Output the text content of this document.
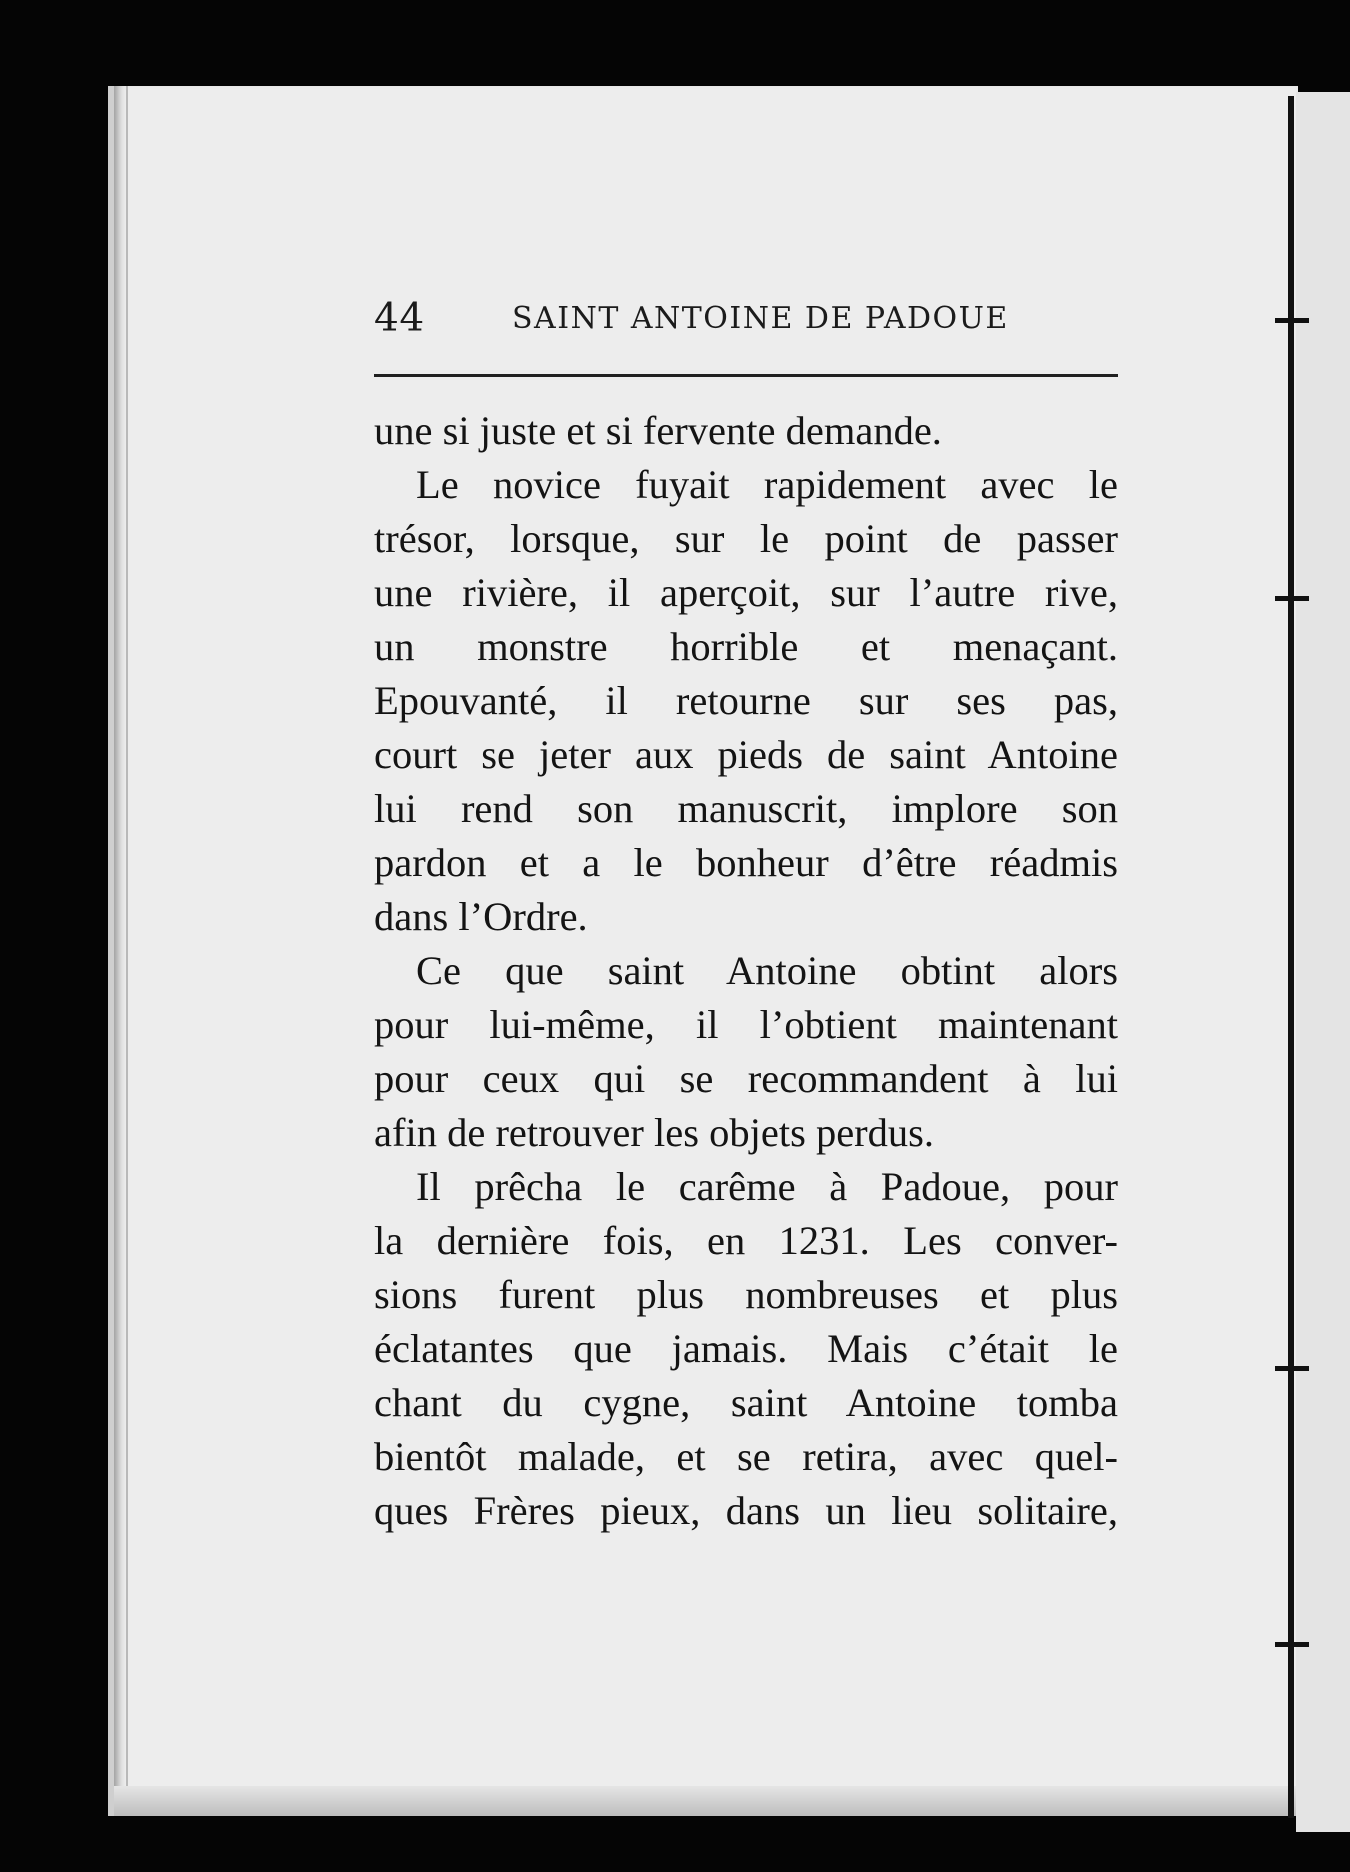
44	SAINT ANTOINE DE PADOUE

une si juste et si fervente demande.

Le novice fuyait rapidement avec le
trésor, lorsque, sur le point de passer
une rivière, il aperçoit, sur l’autre rive,
un monstre horrible et menaçant.
Epouvanté, il retourne sur ses pas,
court se jeter aux pieds de saint Antoine
lui rend son manuscrit, implore son
pardon et a le bonheur d’être réadmis
dans l’Ordre.

Ce que saint Antoine obtint alors
pour lui-même, il l’obtient maintenant
pour ceux qui se recommandent à lui
afin de retrouver les objets perdus.

Il prêcha le carême à Padoue, pour
la dernière fois, en 1231. Les conver-
sions furent plus nombreuses et plus
éclatantes que jamais. Mais c’était le
chant du cygne, saint Antoine tomba
bientôt malade, et se retira, avec quel-
ques Frères pieux, dans un lieu solitaire,
